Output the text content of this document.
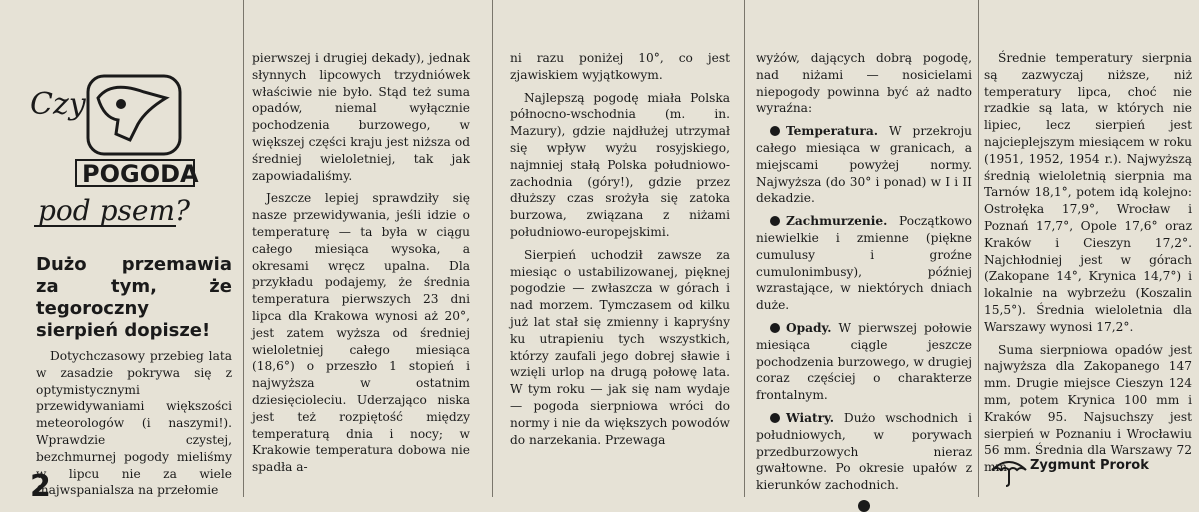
Czy
POGODA
pod psem?
Dużo przemawia za tym, że tegoroczny sierpień dopisze!

Dotychczasowy przebieg lata w zasadzie pokrywa się z optymistycznymi przewidywaniami większości meteorologów (i naszymi!). Wprawdzie czystej, bezchmurnej pogody mieliśmy w lipcu nie za wiele (najwspanialsza na przełomie

pierwszej i drugiej dekady), jednak słynnych lipcowych trzydniówek właściwie nie było. Stąd też suma opadów, niemal wyłącznie pochodzenia burzowego, w większej części kraju jest niższa od średniej wieloletniej, tak jak zapowiadaliśmy.

Jeszcze lepiej sprawdziły się nasze przewidywania, jeśli idzie o temperaturę — ta była w ciągu całego miesiąca wysoka, a okresami wręcz upalna. Dla przykładu podajemy, że średnia temperatura pierwszych 23 dni lipca dla Krakowa wynosi aż 20°, jest zatem wyższa od średniej wieloletniej całego miesiąca (18,6°) o przeszło 1 stopień i najwyższa w ostatnim dziesięcioleciu. Uderzająco niska jest też rozpiętość między temperaturą dnia i nocy; w Krakowie temperatura dobowa nie spadła a-

ni razu poniżej 10°, co jest zjawiskiem wyjątkowym.

Najlepszą pogodę miała Polska północno-wschodnia (m. in. Mazury), gdzie najdłużej utrzymał się wpływ wyżu rosyjskiego, najmniej stałą Polska południowo-zachodnia (góry!), gdzie przez dłuższy czas srożyła się zatoka burzowa, związana z niżami południowo-europejskimi.

Sierpień uchodził zawsze za miesiąc o ustabilizowanej, pięknej pogodzie — zwłaszcza w górach i nad morzem. Tymczasem od kilku już lat stał się zmienny i kapryśny ku utrapieniu tych wszystkich, którzy zaufali jego dobrej sławie i wzięli urlop na drugą połowę lata. W tym roku — jak się nam wydaje — pogoda sierpniowa wróci do normy i nie da większych powodów do narzekania. Przewaga

wyżów, dających dobrą pogodę, nad niżami — nosicielami niepogody powinna być aż nadto wyraźna:

Temperatura. W przekroju całego miesiąca w granicach, a miejscami powyżej normy. Najwyższa (do 30° i ponad) w I i II dekadzie.

Zachmurzenie. Początkowo niewielkie i zmienne (piękne cumulusy i groźne cumulonimbusy), później wzrastające, w niektórych dniach duże.

Opady. W pierwszej połowie miesiąca ciągle jeszcze pochodzenia burzowego, w drugiej coraz częściej o charakterze frontalnym.

Wiatry. Dużo wschodnich i południowych, w porywach przedburzowych nieraz gwałtowne. Po okresie upałów z kierunków zachodnich.

Średnie temperatury sierpnia są zazwyczaj niższe, niż temperatury lipca, choć nie rzadkie są lata, w których nie lipiec, lecz sierpień jest najcieplejszym miesiącem w roku (1951, 1952, 1954 r.). Najwyższą średnią wieloletnią sierpnia ma Tarnów 18,1°, potem idą kolejno: Ostrołęka 17,9°, Wrocław i Poznań 17,7°, Opole 17,6° oraz Kraków i Cieszyn 17,2°. Najchłodniej jest w górach (Zakopane 14°, Krynica 14,7°) i lokalnie na wybrzeżu (Koszalin 15,5°). Średnia wieloletnia dla Warszawy wynosi 17,2°.

Suma sierpniowa opadów jest najwyższa dla Zakopanego 147 mm. Drugie miejsce Cieszyn 124 mm, potem Krynica 100 mm i Kraków 95. Najsuchszy jest sierpień w Poznaniu i Wrocławiu 56 mm. Średnia dla Warszawy 72 mm.	Zygmunt Prorok
2
